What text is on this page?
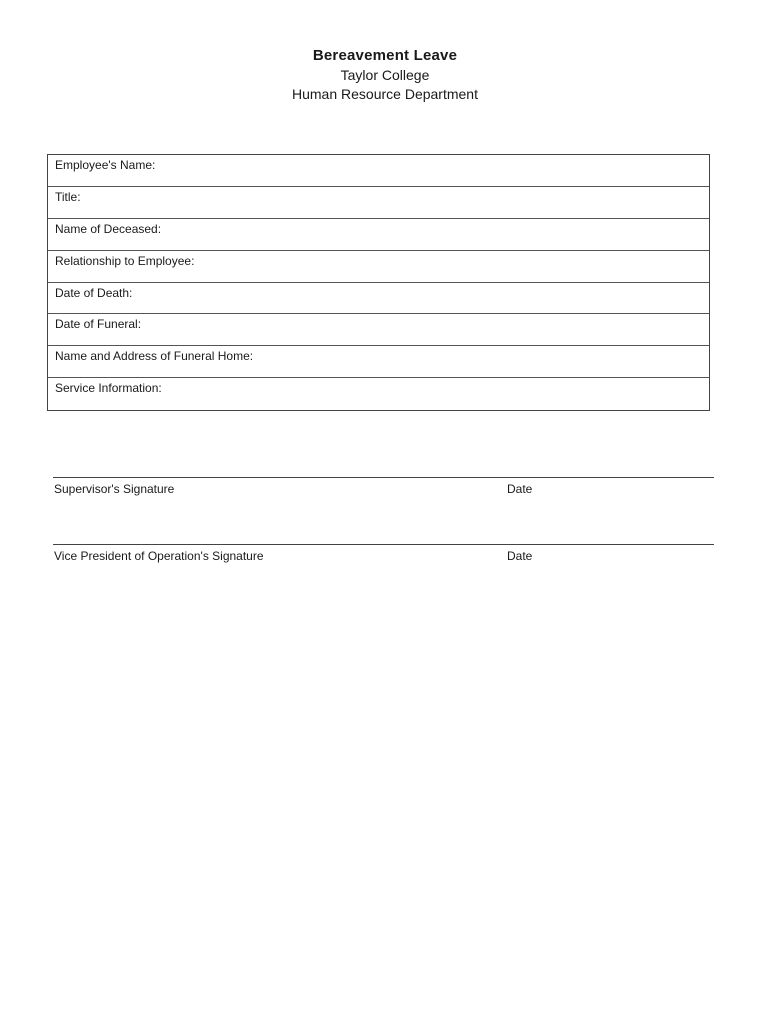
Bereavement Leave
Taylor College
Human Resource Department
Employee's Name:
Title:
Name of Deceased:
Relationship to Employee:
Date of Death:
Date of Funeral:
Name and Address of Funeral Home:
Service Information:
Supervisor's Signature	Date
Vice President of Operation's Signature	Date
